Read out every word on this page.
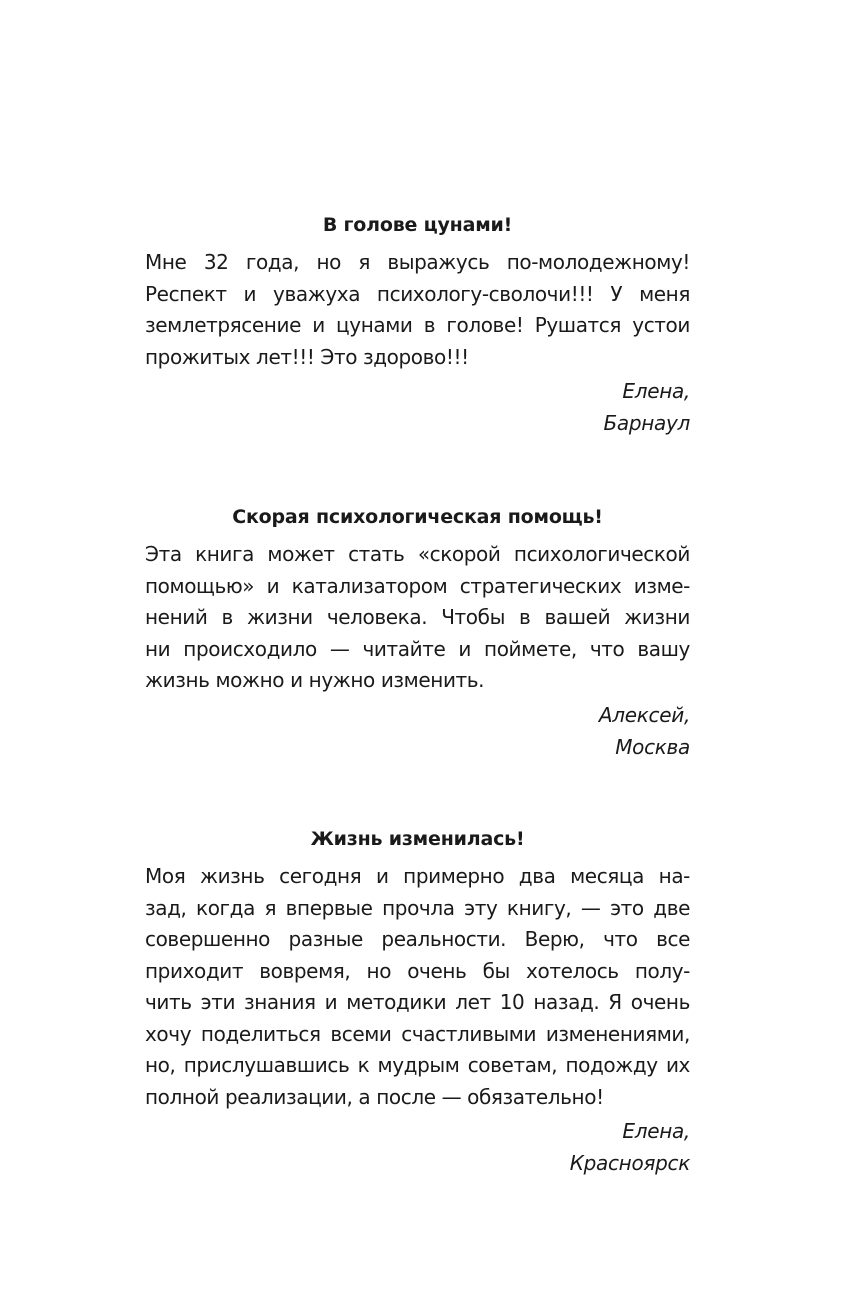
В голове цунами!
Мне 32 года, но я выражусь по-молодежному!
Респект и уважуха психологу-сволочи!!! У меня
землетрясение и цунами в голове! Рушатся устои
прожитых лет!!! Это здорово!!!
Елена,
Барнаул
Скорая психологическая помощь!
Эта книга может стать «скорой психологической
помощью» и катализатором стратегических изме-
нений в жизни человека. Чтобы в вашей жизни
ни происходило — читайте и поймете, что вашу
жизнь можно и нужно изменить.
Алексей,
Москва
Жизнь изменилась!
Моя жизнь сегодня и примерно два месяца на-
зад, когда я впервые прочла эту книгу, — это две
совершенно разные реальности. Верю, что все
приходит вовремя, но очень бы хотелось полу-
чить эти знания и методики лет 10 назад. Я очень
хочу поделиться всеми счастливыми изменениями,
но, прислушавшись к мудрым советам, подожду их
полной реализации, а после — обязательно!
Елена,
Красноярск
